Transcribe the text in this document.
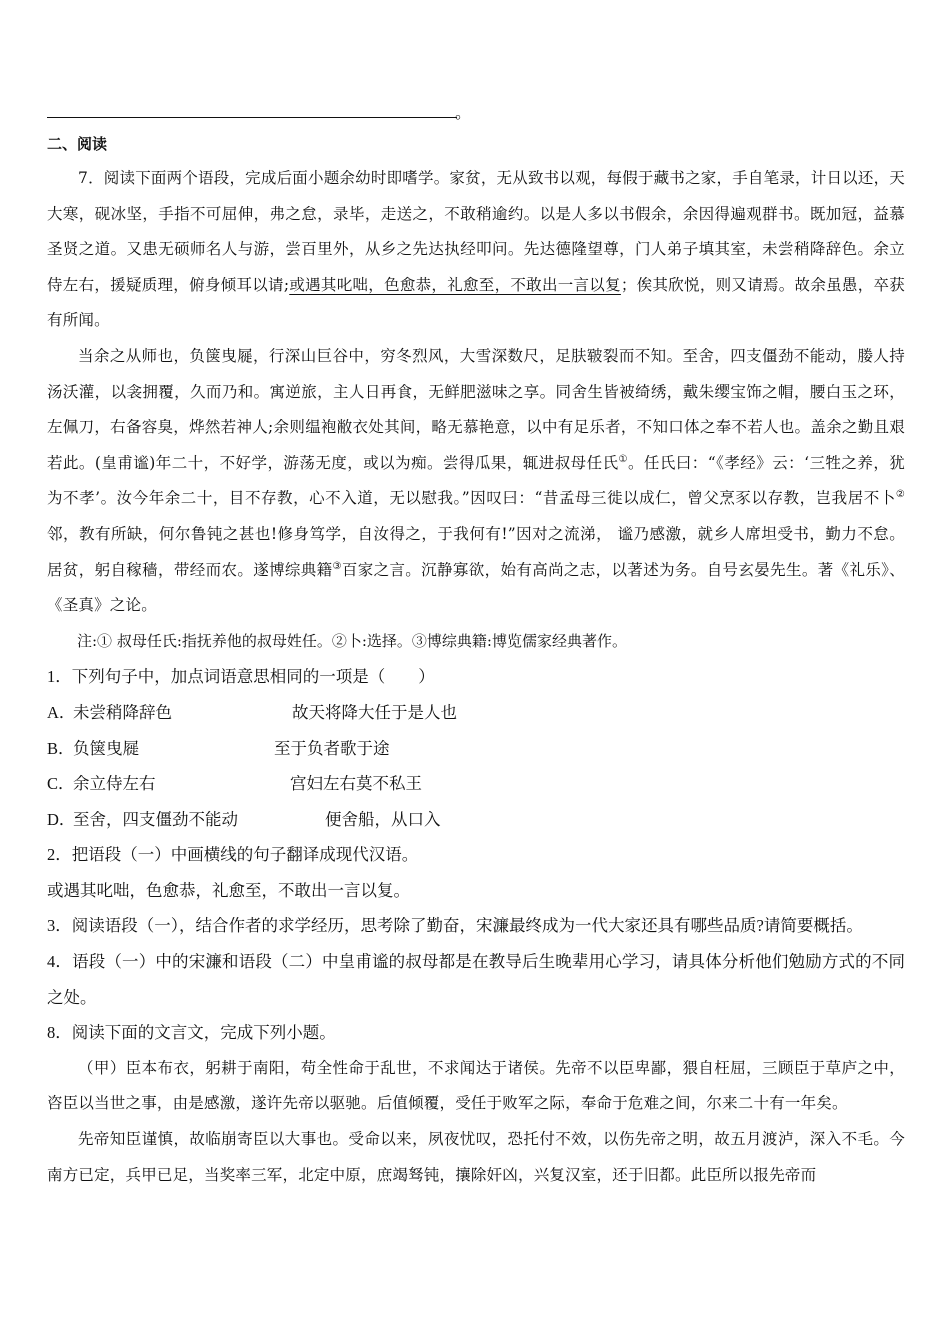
。
二、阅读

7．阅读下面两个语段，完成后面小题余幼时即嗜学。家贫，无从致书以观，每假于藏书之家，手自笔录，计日以还，天大寒，砚冰坚，手指不可屈伸，弗之怠，录毕，走送之，不敢稍逾约。以是人多以书假余，余因得遍观群书。既加冠，益慕圣贤之道。又患无硕师名人与游，尝百里外，从乡之先达执经叩问。先达德隆望尊，门人弟子填其室，未尝稍降辞色。余立侍左右，援疑质理，俯身倾耳以请;或遇其叱咄，色愈恭，礼愈至，不敢出一言以复；俟其欣悦，则又请焉。故余虽愚，卒获有所闻。

当余之从师也，负箧曳屣，行深山巨谷中，穷冬烈风，大雪深数尺，足肤皲裂而不知。至舍，四支僵劲不能动，媵人持汤沃灌，以衾拥覆，久而乃和。寓逆旅，主人日再食，无鲜肥滋味之享。同舍生皆被绮绣，戴朱缨宝饰之帽，腰白玉之环，左佩刀，右备容臭，烨然若神人;余则缊袍敝衣处其间，略无慕艳意，以中有足乐者，不知口体之奉不若人也。盖余之勤且艰若此。(皇甫谧)年二十，不好学，游荡无度，或以为痴。尝得瓜果，辄进叔母任氏①。任氏曰：“《孝经》云：‘三牲之养，犹为不孝’。汝今年余二十，目不存教，心不入道，无以慰我。”因叹曰：“昔孟母三徙以成仁，曾父烹豕以存教，岂我居不卜②邻，教有所缺，何尔鲁钝之甚也!修身笃学，自汝得之，于我何有!”因对之流涕， 谧乃感激，就乡人席坦受书，勤力不怠。居贫，躬自稼穑，带经而农。遂博综典籍③百家之言。沉静寡欲，始有高尚之志，以著述为务。自号玄晏先生。著《礼乐》、《圣真》之论。

注:① 叔母任氏:指抚养他的叔母姓任。②卜:选择。③博综典籍:博览儒家经典著作。

1．下列句子中，加点词语意思相同的一项是（　　）

A．未尝稍降辞色	故天将降大任于是人也
B．负箧曳屣	至于负者歌于途
C．余立侍左右	宫妇左右莫不私王
D．至舍，四支僵劲不能动	便舍船，从口入

2．把语段（一）中画横线的句子翻译成现代汉语。

或遇其叱咄，色愈恭，礼愈至，不敢出一言以复。

3．阅读语段（一），结合作者的求学经历，思考除了勤奋，宋濂最终成为一代大家还具有哪些品质?请简要概括。

4．语段（一）中的宋濂和语段（二）中皇甫谧的叔母都是在教导后生晚辈用心学习，请具体分析他们勉励方式的不同之处。

8．阅读下面的文言文，完成下列小题。

（甲）臣本布衣，躬耕于南阳，苟全性命于乱世，不求闻达于诸侯。先帝不以臣卑鄙，猥自枉屈，三顾臣于草庐之中，咨臣以当世之事，由是感激，遂许先帝以驱驰。后值倾覆，受任于败军之际，奉命于危难之间，尔来二十有一年矣。

先帝知臣谨慎，故临崩寄臣以大事也。受命以来，夙夜忧叹，恐托付不效，以伤先帝之明，故五月渡泸，深入不毛。今南方已定，兵甲已足，当奖率三军，北定中原，庶竭驽钝，攘除奸凶，兴复汉室，还于旧都。此臣所以报先帝而
